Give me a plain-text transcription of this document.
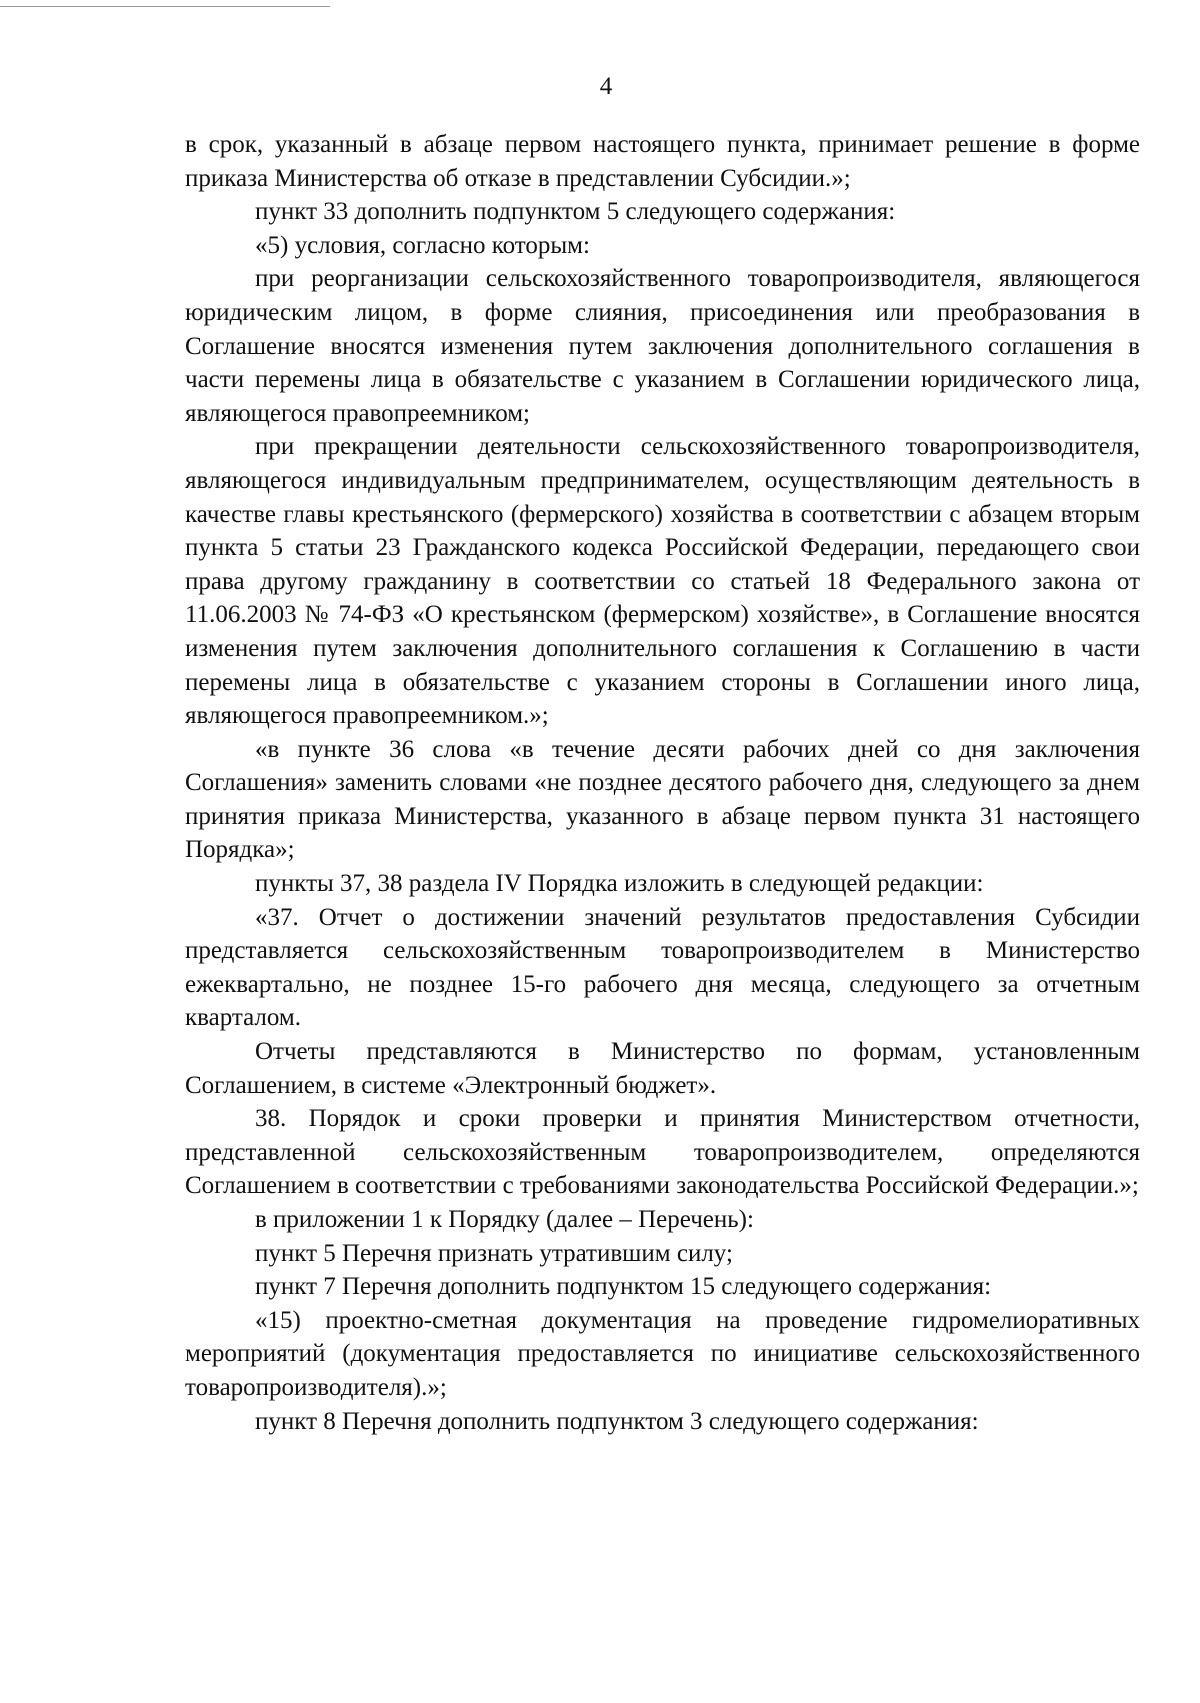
4

в срок, указанный в абзаце первом настоящего пункта, принимает решение в форме приказа Министерства об отказе в представлении Субсидии.»;

пункт 33 дополнить подпунктом 5 следующего содержания:

«5) условия, согласно которым:

при реорганизации сельскохозяйственного товаропроизводителя, являющегося юридическим лицом, в форме слияния, присоединения или преобразования в Соглашение вносятся изменения путем заключения дополнительного соглашения в части перемены лица в обязательстве с указанием в Соглашении юридического лица, являющегося правопреемником;

при прекращении деятельности сельскохозяйственного товаропроизводителя, являющегося индивидуальным предпринимателем, осуществляющим деятельность в качестве главы крестьянского (фермерского) хозяйства в соответствии с абзацем вторым пункта 5 статьи 23 Гражданского кодекса Российской Федерации, передающего свои права другому гражданину в соответствии со статьей 18 Федерального закона от 11.06.2003 № 74-ФЗ «О крестьянском (фермерском) хозяйстве», в Соглашение вносятся изменения путем заключения дополнительного соглашения к Соглашению в части перемены лица в обязательстве с указанием стороны в Соглашении иного лица, являющегося правопреемником.»;

«в пункте 36 слова «в течение десяти рабочих дней со дня заключения Соглашения» заменить словами «не позднее десятого рабочего дня, следующего за днем принятия приказа Министерства, указанного в абзаце первом пункта 31 настоящего Порядка»;

пункты 37, 38 раздела IV Порядка изложить в следующей редакции:

«37. Отчет о достижении значений результатов предоставления Субсидии представляется сельскохозяйственным товаропроизводителем в Министерство ежеквартально, не позднее 15-го рабочего дня месяца, следующего за отчетным кварталом.

Отчеты представляются в Министерство по формам, установленным Соглашением, в системе «Электронный бюджет».

38. Порядок и сроки проверки и принятия Министерством отчетности, представленной сельскохозяйственным товаропроизводителем, определяются Соглашением в соответствии с требованиями законодательства Российской Федерации.»;

в приложении 1 к Порядку (далее – Перечень):

пункт 5 Перечня признать утратившим силу;

пункт 7 Перечня дополнить подпунктом 15 следующего содержания:

«15) проектно-сметная документация на проведение гидромелиоративных мероприятий (документация предоставляется по инициативе сельскохозяйственного товаропроизводителя).»;

пункт 8 Перечня дополнить подпунктом 3 следующего содержания:
